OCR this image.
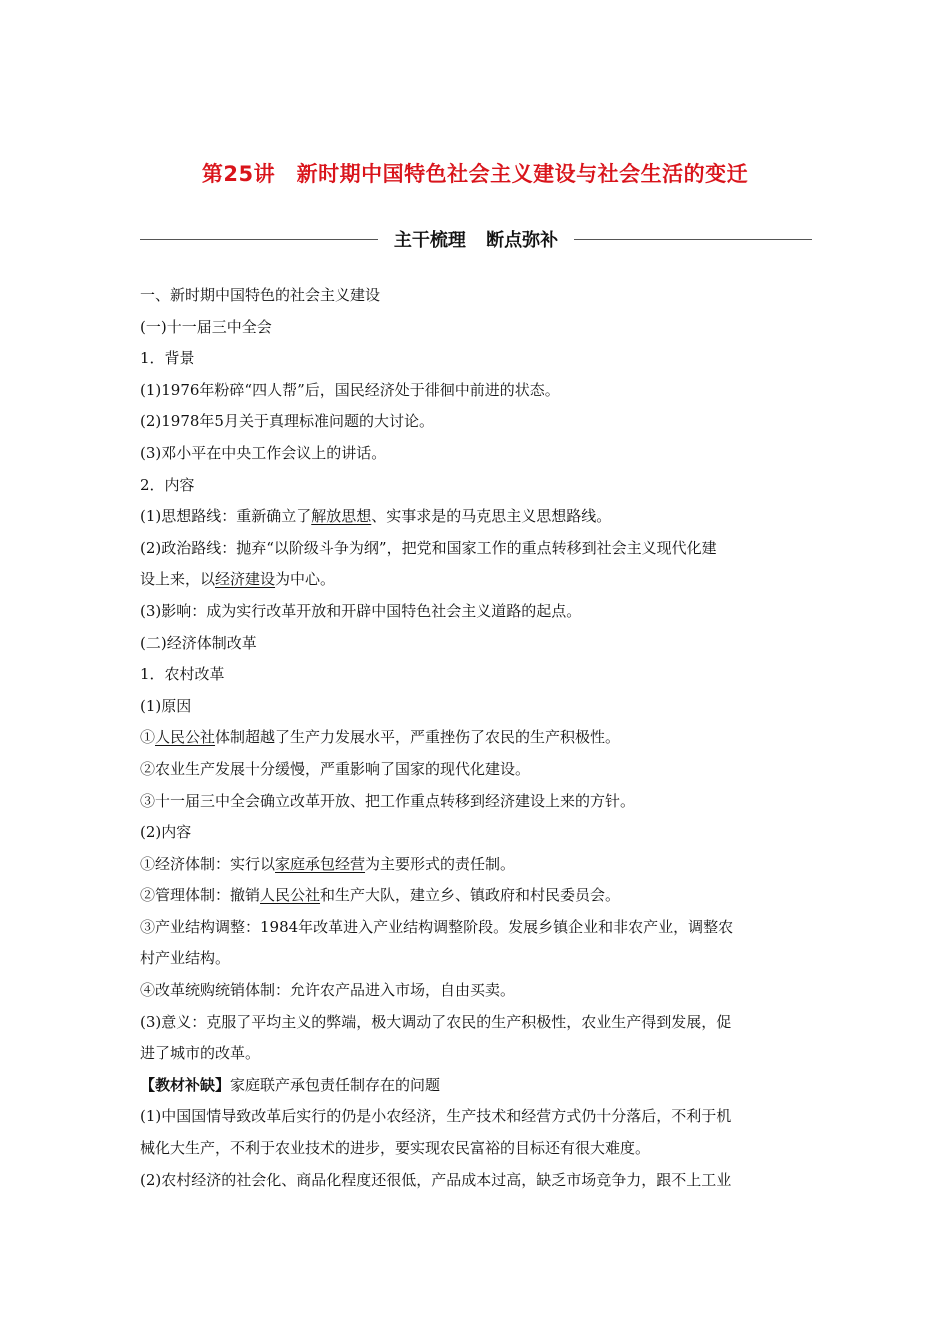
第25讲　新时期中国特色社会主义建设与社会生活的变迁
主干梳理 断点弥补
一、新时期中国特色的社会主义建设
(一)十一届三中全会
1．背景
(1)1976年粉碎“四人帮”后，国民经济处于徘徊中前进的状态。
(2)1978年5月关于真理标准问题的大讨论。
(3)邓小平在中央工作会议上的讲话。
2．内容
(1)思想路线：重新确立了解放思想、实事求是的马克思主义思想路线。
(2)政治路线：抛弃“以阶级斗争为纲”，把党和国家工作的重点转移到社会主义现代化建
设上来，以经济建设为中心。
(3)影响：成为实行改革开放和开辟中国特色社会主义道路的起点。
(二)经济体制改革
1．农村改革
(1)原因
①人民公社体制超越了生产力发展水平，严重挫伤了农民的生产积极性。
②农业生产发展十分缓慢，严重影响了国家的现代化建设。
③十一届三中全会确立改革开放、把工作重点转移到经济建设上来的方针。
(2)内容
①经济体制：实行以家庭承包经营为主要形式的责任制。
②管理体制：撤销人民公社和生产大队，建立乡、镇政府和村民委员会。
③产业结构调整：1984年改革进入产业结构调整阶段。发展乡镇企业和非农产业，调整农
村产业结构。
④改革统购统销体制：允许农产品进入市场，自由买卖。
(3)意义：克服了平均主义的弊端，极大调动了农民的生产积极性，农业生产得到发展，促
进了城市的改革。
【教材补缺】家庭联产承包责任制存在的问题
(1)中国国情导致改革后实行的仍是小农经济，生产技术和经营方式仍十分落后，不利于机
械化大生产，不利于农业技术的进步，要实现农民富裕的目标还有很大难度。
(2)农村经济的社会化、商品化程度还很低，产品成本过高，缺乏市场竞争力，跟不上工业
